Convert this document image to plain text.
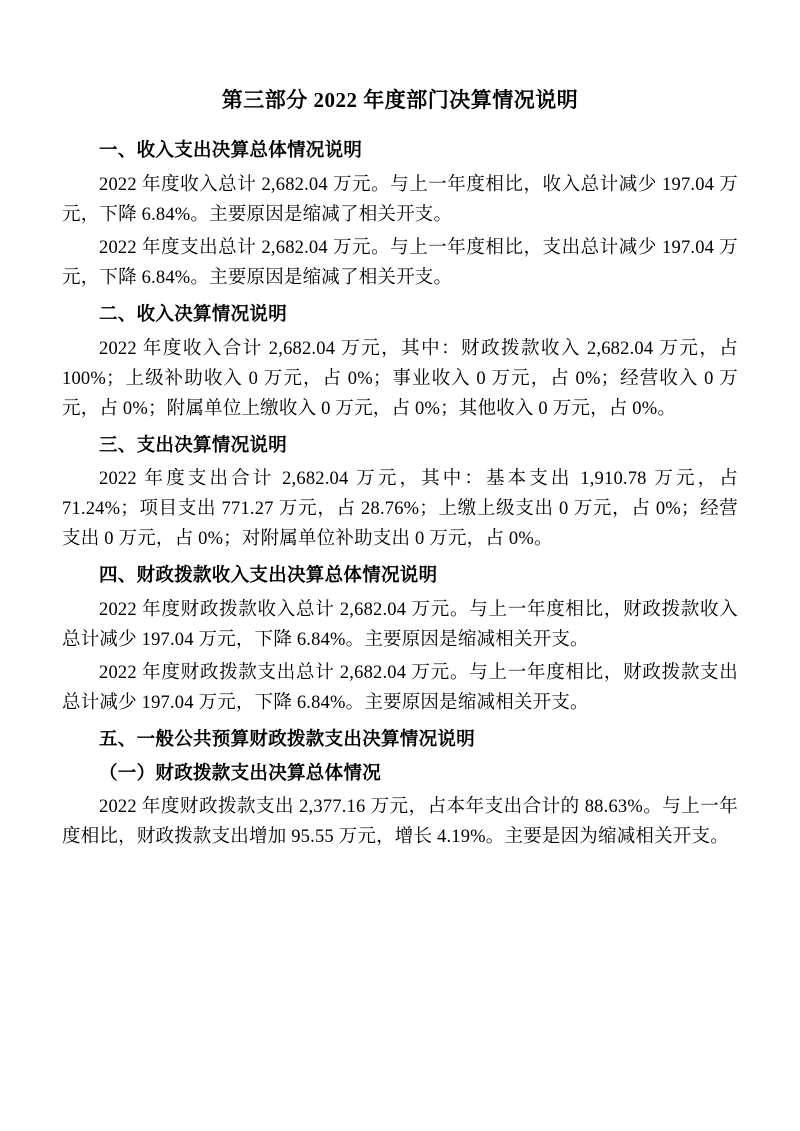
第三部分 2022 年度部门决算情况说明
一、收入支出决算总体情况说明

2022 年度收入总计 2,682.04 万元。与上一年度相比，收入总计减少 197.04 万元，下降 6.84%。主要原因是缩减了相关开支。

2022 年度支出总计 2,682.04 万元。与上一年度相比，支出总计减少 197.04 万元，下降 6.84%。主要原因是缩减了相关开支。

二、收入决算情况说明

2022 年度收入合计 2,682.04 万元，其中：财政拨款收入 2,682.04 万元，占 100%；上级补助收入 0 万元，占 0%；事业收入 0 万元，占 0%；经营收入 0 万元，占 0%；附属单位上缴收入 0 万元，占 0%；其他收入 0 万元，占 0%。

三、支出决算情况说明

2022 年度支出合计 2,682.04 万元，其中：基本支出 1,910.78 万元，占 71.24%；项目支出 771.27 万元，占 28.76%；上缴上级支出 0 万元，占 0%；经营支出 0 万元，占 0%；对附属单位补助支出 0 万元，占 0%。

四、财政拨款收入支出决算总体情况说明

2022 年度财政拨款收入总计 2,682.04 万元。与上一年度相比，财政拨款收入总计减少 197.04 万元，下降 6.84%。主要原因是缩减相关开支。

2022 年度财政拨款支出总计 2,682.04 万元。与上一年度相比，财政拨款支出总计减少 197.04 万元，下降 6.84%。主要原因是缩减相关开支。

五、一般公共预算财政拨款支出决算情况说明
（一）财政拨款支出决算总体情况

2022 年度财政拨款支出 2,377.16 万元，占本年支出合计的 88.63%。与上一年度相比，财政拨款支出增加 95.55 万元，增长 4.19%。主要是因为缩减相关开支。
